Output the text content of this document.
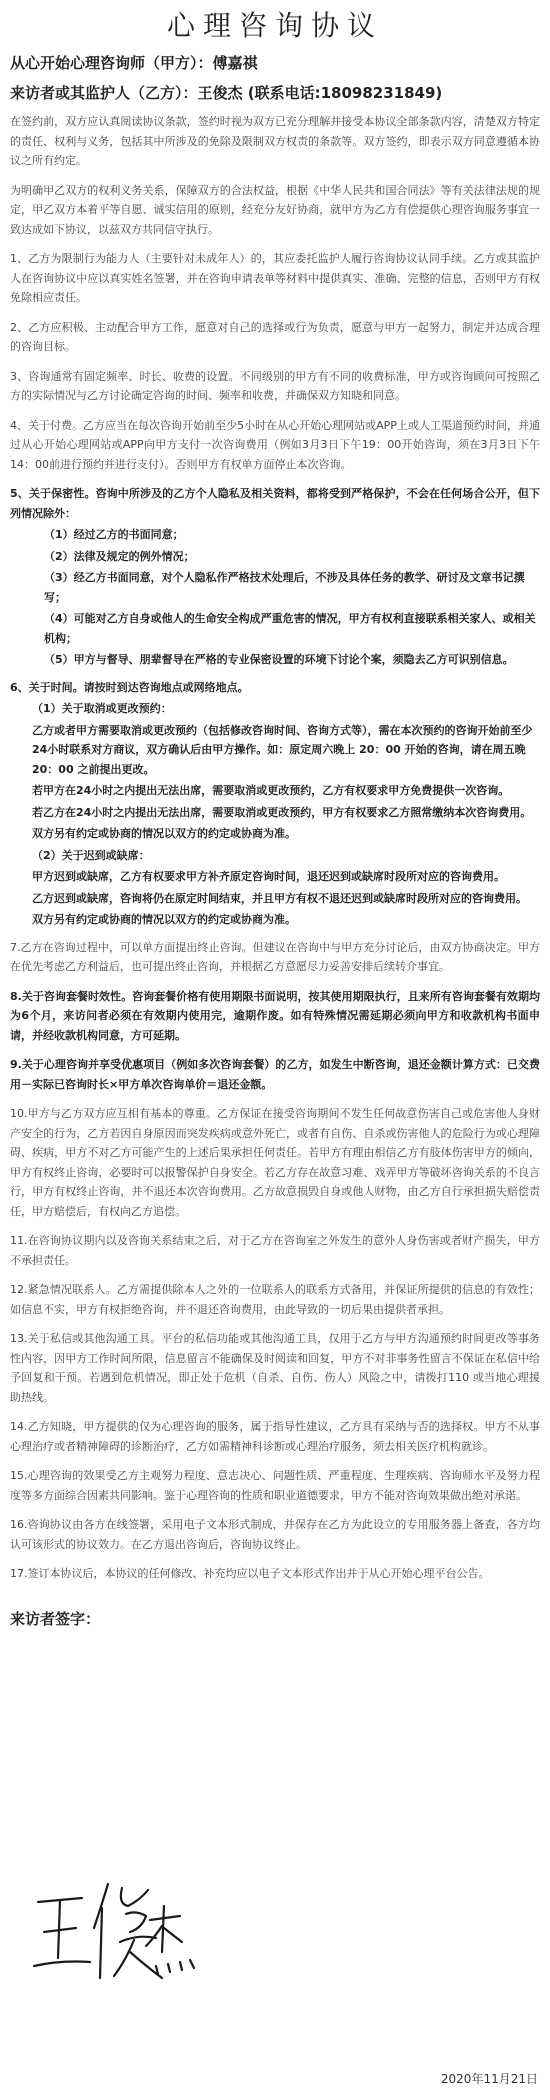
心理咨询协议
从心开始心理咨询师（甲方）：傅嘉祺
来访者或其监护人（乙方）：王俊杰 (联系电话:18098231849)

在签约前，双方应认真阅读协议条款，签约时视为双方已充分理解并接受本协议全部条款内容，清楚双方特定的责任、权利与义务，包括其中所涉及的免除及限制双方权责的条款等。双方签约，即表示双方同意遵循本协议之所有约定。

为明确甲乙双方的权利义务关系，保障双方的合法权益，根据《中华人民共和国合同法》等有关法律法规的规定，甲乙双方本着平等自愿、诚实信用的原则，经充分友好协商，就甲方为乙方有偿提供心理咨询服务事宜一致达成如下协议，以兹双方共同信守执行。

1、乙方为限制行为能力人（主要针对未成年人）的，其应委托监护人履行咨询协议认同手续。乙方或其监护人在咨询协议中应以真实姓名签署，并在咨询申请表单等材料中提供真实、准确、完整的信息，否则甲方有权免除相应责任。

2、乙方应积极、主动配合甲方工作，愿意对自己的选择或行为负责，愿意与甲方一起努力，制定并达成合理的咨询目标。

3、咨询通常有固定频率、时长、收费的设置。不同级别的甲方有不同的收费标准，甲方或咨询顾问可按照乙方的实际情况与乙方讨论确定咨询的时间、频率和收费，并确保双方知晓和同意。

4、关于付费。乙方应当在每次咨询开始前至少5小时在从心开始心理网站或APP上或人工渠道预约时间，并通过从心开始心理网站或APP向甲方支付一次咨询费用（例如3月3日下午19：00开始咨询，须在3月3日下午14：00前进行预约并进行支付）。否则甲方有权单方面停止本次咨询。

5、关于保密性。咨询中所涉及的乙方个人隐私及相关资料，都将受到严格保护，不会在任何场合公开，但下列情况除外：

（1）经过乙方的书面同意；
（2）法律及规定的例外情况；
（3）经乙方书面同意，对个人隐私作严格技术处理后，不涉及具体任务的教学、研讨及文章书记撰写；
（4）可能对乙方自身或他人的生命安全构成严重危害的情况，甲方有权利直接联系相关家人、或相关机构；
（5）甲方与督导、朋辈督导在严格的专业保密设置的环境下讨论个案，须隐去乙方可识别信息。

6、关于时间。请按时到达咨询地点或网络地点。

（1）关于取消或更改预约：
乙方或者甲方需要取消或更改预约（包括修改咨询时间、咨询方式等），需在本次预约的咨询开始前至少24小时联系对方商议，双方确认后由甲方操作。如：原定周六晚上 20：00 开始的咨询，请在周五晚 20：00 之前提出更改。
若甲方在24小时之内提出无法出席，需要取消或更改预约，乙方有权要求甲方免费提供一次咨询。
若乙方在24小时之内提出无法出席，需要取消或更改预约，甲方有权要求乙方照常缴纳本次咨询费用。
双方另有约定或协商的情况以双方的约定或协商为准。
（2）关于迟到或缺席：
甲方迟到或缺席，乙方有权要求甲方补齐原定咨询时间，退还迟到或缺席时段所对应的咨询费用。
乙方迟到或缺席，咨询将仍在原定时间结束，并且甲方有权不退还迟到或缺席时段所对应的咨询费用。
双方另有约定或协商的情况以双方的约定或协商为准。

7.乙方在咨询过程中，可以单方面提出终止咨询。但建议在咨询中与甲方充分讨论后，由双方协商决定。甲方在优先考虑乙方利益后，也可提出终止咨询，并根据乙方意愿尽力妥善安排后续转介事宜。

8.关于咨询套餐时效性。咨询套餐价格有使用期限书面说明，按其使用期限执行，且来所有咨询套餐有效期均为6个月，来访问者必须在有效期内使用完，逾期作废。如有特殊情况需延期必须向甲方和收款机构书面申请，并经收款机构同意，方可延期。

9.关于心理咨询并享受优惠项目（例如多次咨询套餐）的乙方，如发生中断咨询，退还金额计算方式：已交费用－实际已咨询时长×甲方单次咨询单价＝退还金额。

10.甲方与乙方双方应互相有基本的尊重。乙方保证在接受咨询期间不发生任何故意伤害自己或危害他人身财产安全的行为，乙方若因自身原因而突发疾病或意外死亡，或者有自伤、自杀或伤害他人的危险行为或心理障碍、疾病，甲方不对乙方可能产生的上述后果承担任何责任。若甲方有理由相信乙方有肢体伤害甲方的倾向，甲方有权终止咨询，必要时可以报警保护自身安全。若乙方存在故意习难、戏弄甲方等破坏咨询关系的不良言行，甲方有权终止咨询，并不退还本次咨询费用。乙方故意损毁自身或他人财物，由乙方自行承担损失赔偿责任，甲方赔偿后，有权向乙方追偿。

11.在咨询协议期内以及咨询关系结束之后，对于乙方在咨询室之外发生的意外人身伤害或者财产损失，甲方不承担责任。

12.紧急情况联系人。乙方需提供除本人之外的一位联系人的联系方式备用，并保证所提供的信息的有效性；如信息不实，甲方有权拒绝咨询，并不退还咨询费用，由此导致的一切后果由提供者承担。

13.关于私信或其他沟通工具。平台的私信功能或其他沟通工具，仅用于乙方与甲方沟通预约时间更改等事务性内容，因甲方工作时间所限，信息留言不能确保及时阅读和回复，甲方不对非事务性留言不保证在私信中给予回复和干预。若遇到危机情况，即正处于危机（自杀、自伤、伤人）风险之中，请拨打110 或当地心理援助热线。

14.乙方知晓，甲方提供的仅为心理咨询的服务，属于指导性建议，乙方具有采纳与否的选择权。甲方不从事心理治疗或者精神障碍的诊断治疗，乙方如需精神科诊断或心理治疗服务，须去相关医疗机构就诊。

15.心理咨询的效果受乙方主观努力程度、意志决心、问题性质、严重程度、生理疾病、咨询师水平及努力程度等多方面综合因素共同影响。鉴于心理咨询的性质和职业道德要求，甲方不能对咨询效果做出绝对承诺。

16.咨询协议由各方在线签署，采用电子文本形式制成，并保存在乙方为此设立的专用服务器上备查，各方均认可该形式的协议效力。在乙方退出咨询后，咨询协议终止。

17.签订本协议后，本协议的任何修改、补充均应以电子文本形式作出并于从心开始心理平台公告。

来访者签字：
2020年11月21日
